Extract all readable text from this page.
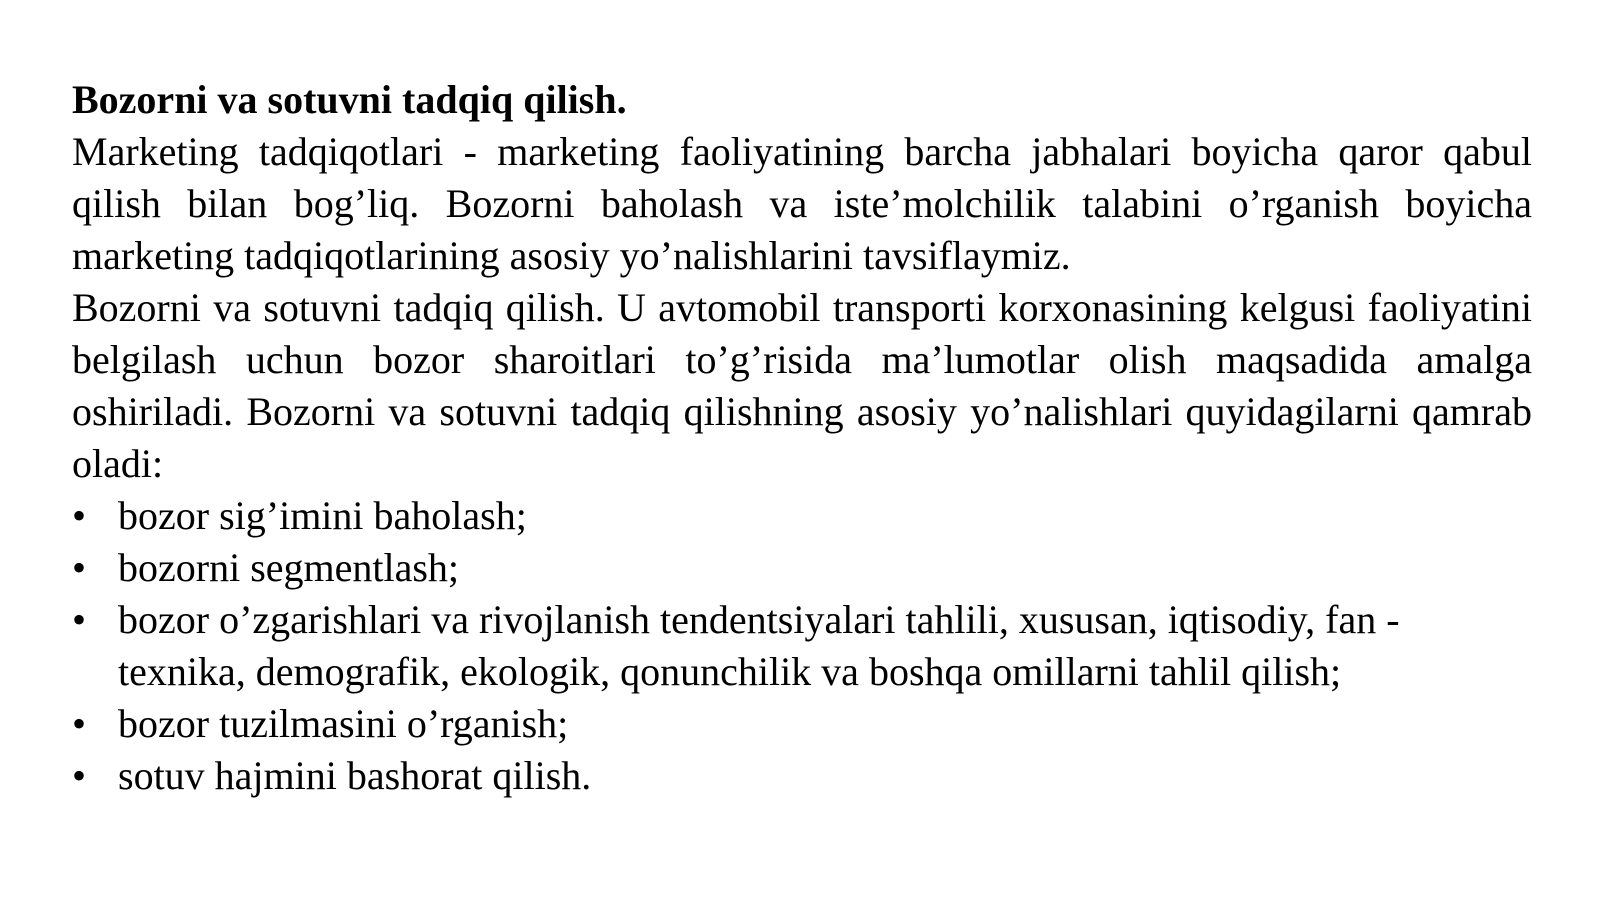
Bozorni va sotuvni tadqiq qilish.

Marketing tadqiqotlari - marketing faoliyatining barcha jabhalari boyicha qaror qabul qilish bilan bog’liq. Bozorni baholash va iste’molchilik talabini o’rganish boyicha marketing tadqiqotlarining asosiy yo’nalishlarini tavsiflaymiz.

Bozorni va sotuvni tadqiq qilish. U avtomobil transporti korxonasining kelgusi faoliyatini belgilash uchun bozor sharoitlari to’g’risida ma’lumotlar olish maqsadida amalga oshiriladi. Bozorni va sotuvni tadqiq qilishning asosiy yo’nalishlari quyidagilarni qamrab oladi:

• bozor sig’imini baholash;
• bozorni segmentlash;
• bozor o’zgarishlari va rivojlanish tendentsiyalari tahlili, xususan, iqtisodiy, fan - texnika, demografik, ekologik, qonunchilik va boshqa omillarni tahlil qilish;
• bozor tuzilmasini o’rganish;
• sotuv hajmini bashorat qilish.
